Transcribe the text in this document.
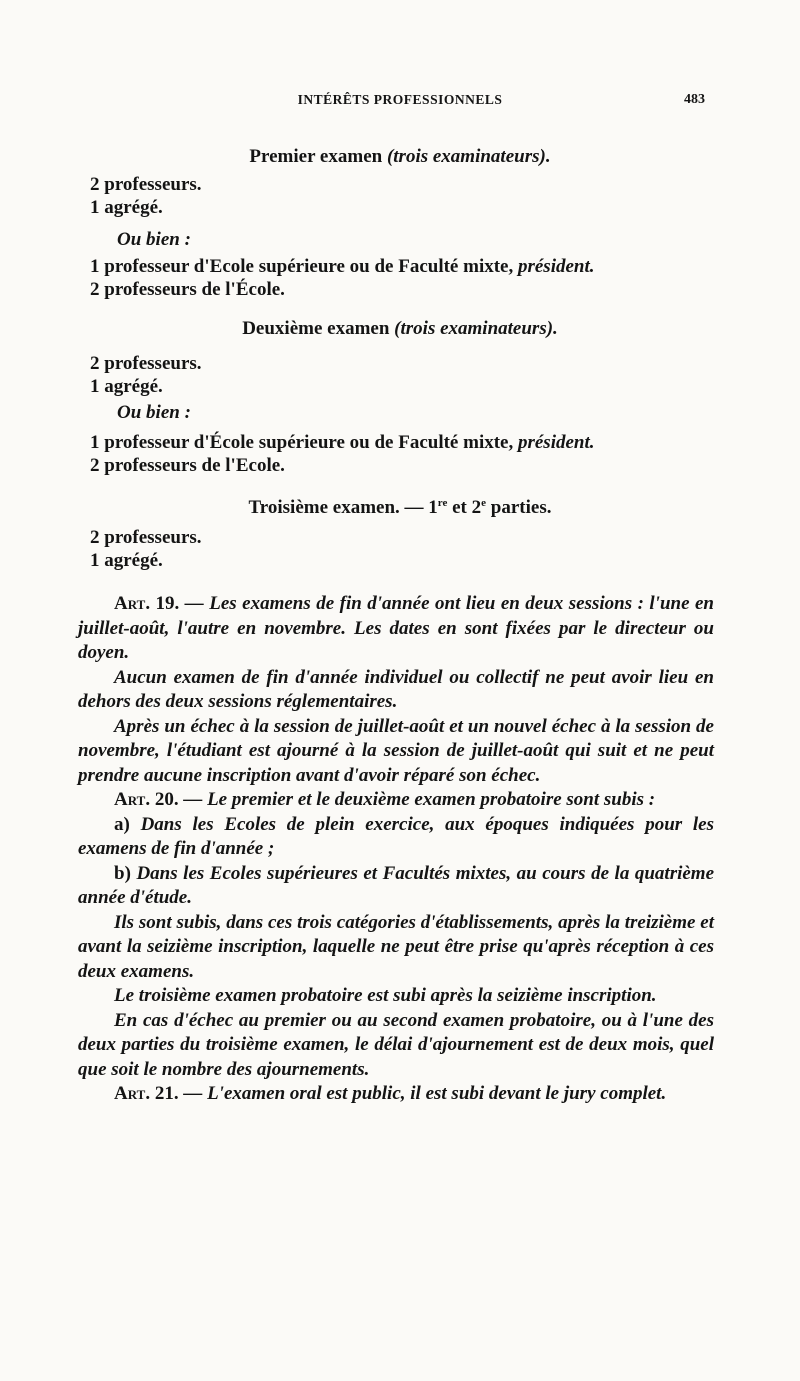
INTÉRÊTS PROFESSIONNELS	483
Premier examen (trois examinateurs).
2 professeurs.
1 agrégé.
Ou bien :
1 professeur d'Ecole supérieure ou de Faculté mixte, président.
2 professeurs de l'École.
Deuxième examen (trois examinateurs).
2 professeurs.
1 agrégé.
Ou bien :
1 professeur d'École supérieure ou de Faculté mixte, président.
2 professeurs de l'Ecole.
Troisième examen. — 1re et 2e parties.
2 professeurs.
1 agrégé.

Art. 19. — Les examens de fin d'année ont lieu en deux sessions : l'une en juillet-août, l'autre en novembre. Les dates en sont fixées par le directeur ou doyen.

Aucun examen de fin d'année individuel ou collectif ne peut avoir lieu en dehors des deux sessions réglementaires.

Après un échec à la session de juillet-août et un nouvel échec à la session de novembre, l'étudiant est ajourné à la session de juillet-août qui suit et ne peut prendre aucune inscription avant d'avoir réparé son échec.

Art. 20. — Le premier et le deuxième examen probatoire sont subis :

a) Dans les Ecoles de plein exercice, aux époques indiquées pour les examens de fin d'année ;

b) Dans les Ecoles supérieures et Facultés mixtes, au cours de la quatrième année d'étude.

Ils sont subis, dans ces trois catégories d'établissements, après la treizième et avant la seizième inscription, laquelle ne peut être prise qu'après réception à ces deux examens.

Le troisième examen probatoire est subi après la seizième inscription.

En cas d'échec au premier ou au second examen probatoire, ou à l'une des deux parties du troisième examen, le délai d'ajournement est de deux mois, quel que soit le nombre des ajournements.

Art. 21. — L'examen oral est public, il est subi devant le jury complet.
